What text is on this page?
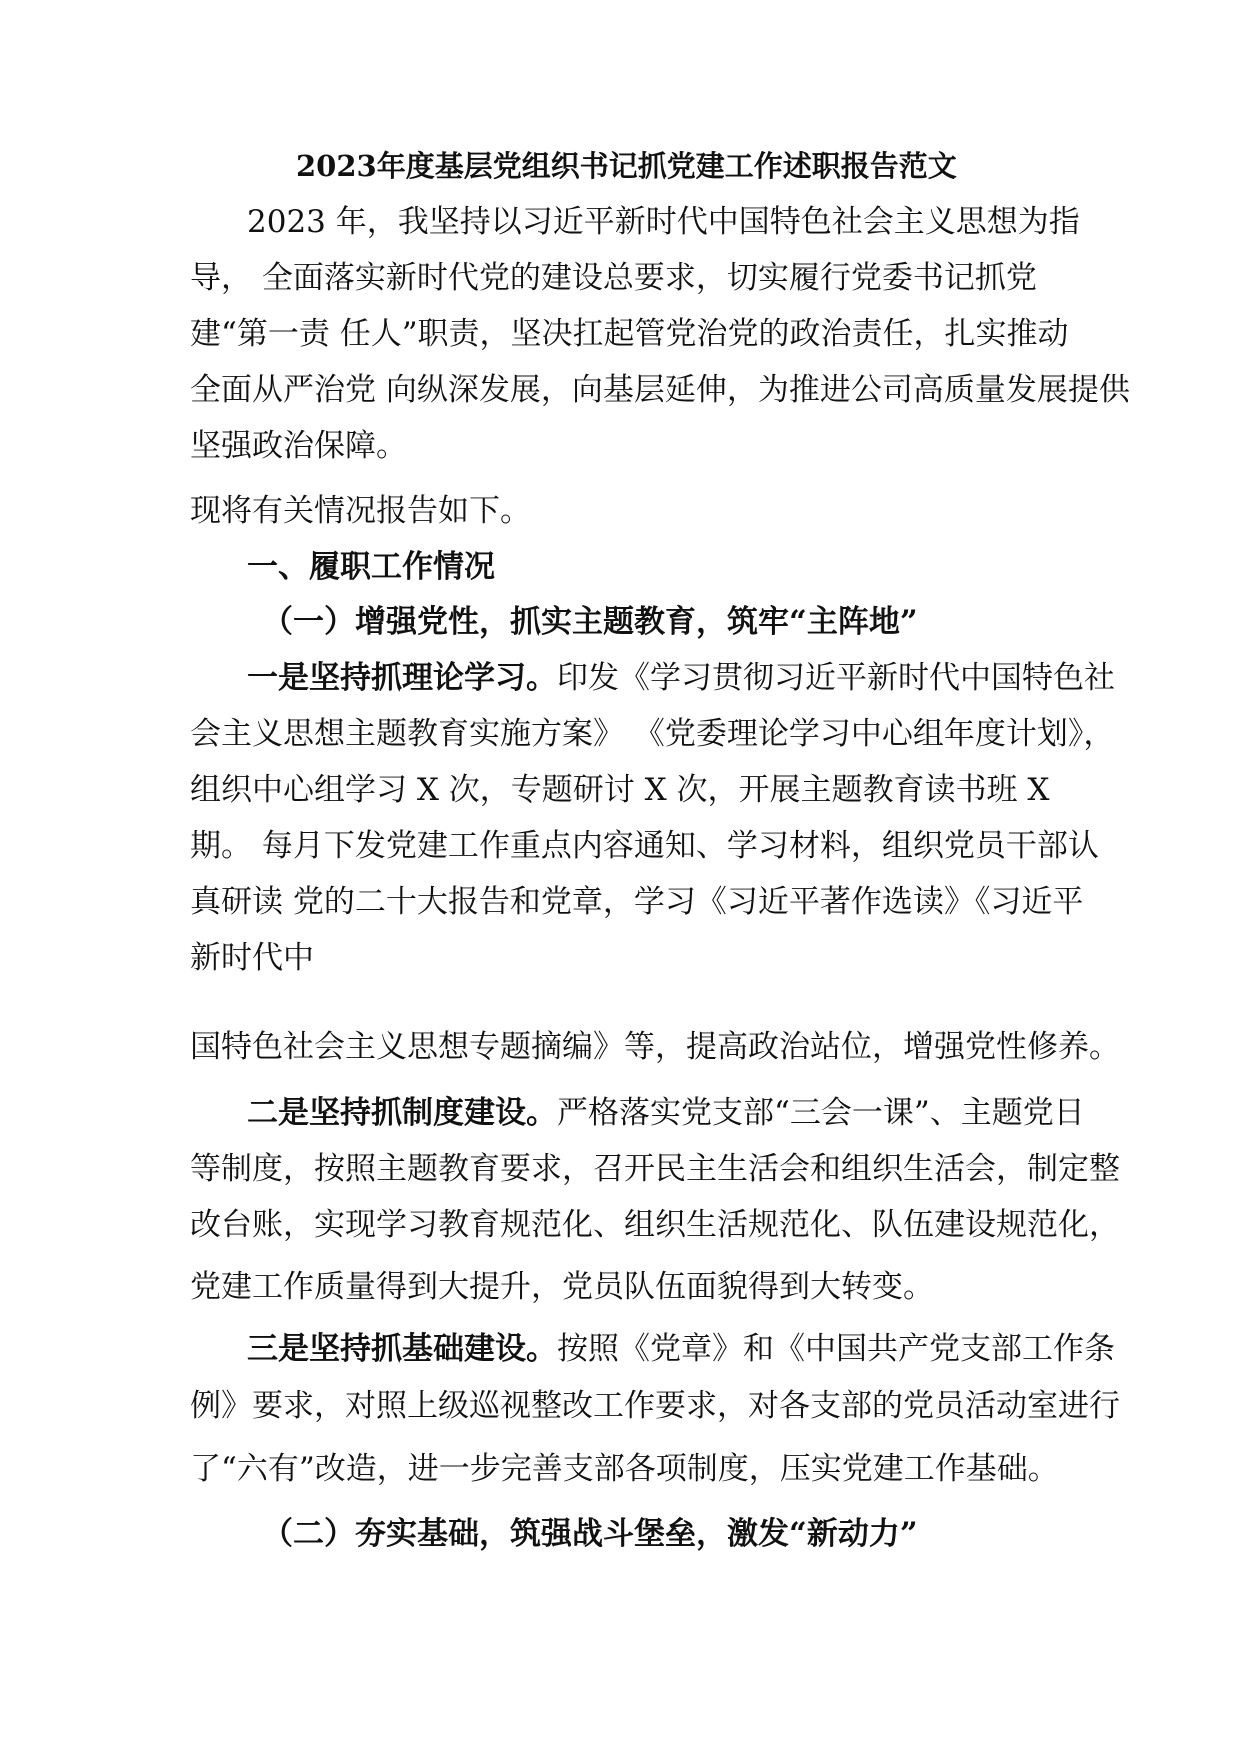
2023年度基层党组织书记抓党建工作述职报告范文
2023 年，我坚持以习近平新时代中国特色社会主义思想为指
导， 全面落实新时代党的建设总要求，切实履行党委书记抓党
建“第一责 任人”职责，坚决扛起管党治党的政治责任，扎实推动
全面从严治党 向纵深发展，向基层延伸，为推进公司高质量发展提供
坚强政治保障。
现将有关情况报告如下。
一、履职工作情况
（一）增强党性，抓实主题教育，筑牢“主阵地”
一是坚持抓理论学习。印发《学习贯彻习近平新时代中国特色社
会主义思想主题教育实施方案》 《党委理论学习中心组年度计划》，
组织中心组学习 X 次，专题研讨 X 次，开展主题教育读书班 X
期。 每月下发党建工作重点内容通知、学习材料，组织党员干部认
真研读 党的二十大报告和党章，学习《习近平著作选读》《习近平
新时代中
国特色社会主义思想专题摘编》等，提高政治站位，增强党性修养。
二是坚持抓制度建设。严格落实党支部“三会一课”、主题党日
等制度，按照主题教育要求，召开民主生活会和组织生活会，制定整
改台账，实现学习教育规范化、组织生活规范化、队伍建设规范化，
党建工作质量得到大提升，党员队伍面貌得到大转变。
三是坚持抓基础建设。按照《党章》和《中国共产党支部工作条
例》要求，对照上级巡视整改工作要求，对各支部的党员活动室进行
了“六有”改造，进一步完善支部各项制度，压实党建工作基础。
（二）夯实基础，筑强战斗堡垒，激发“新动力”
